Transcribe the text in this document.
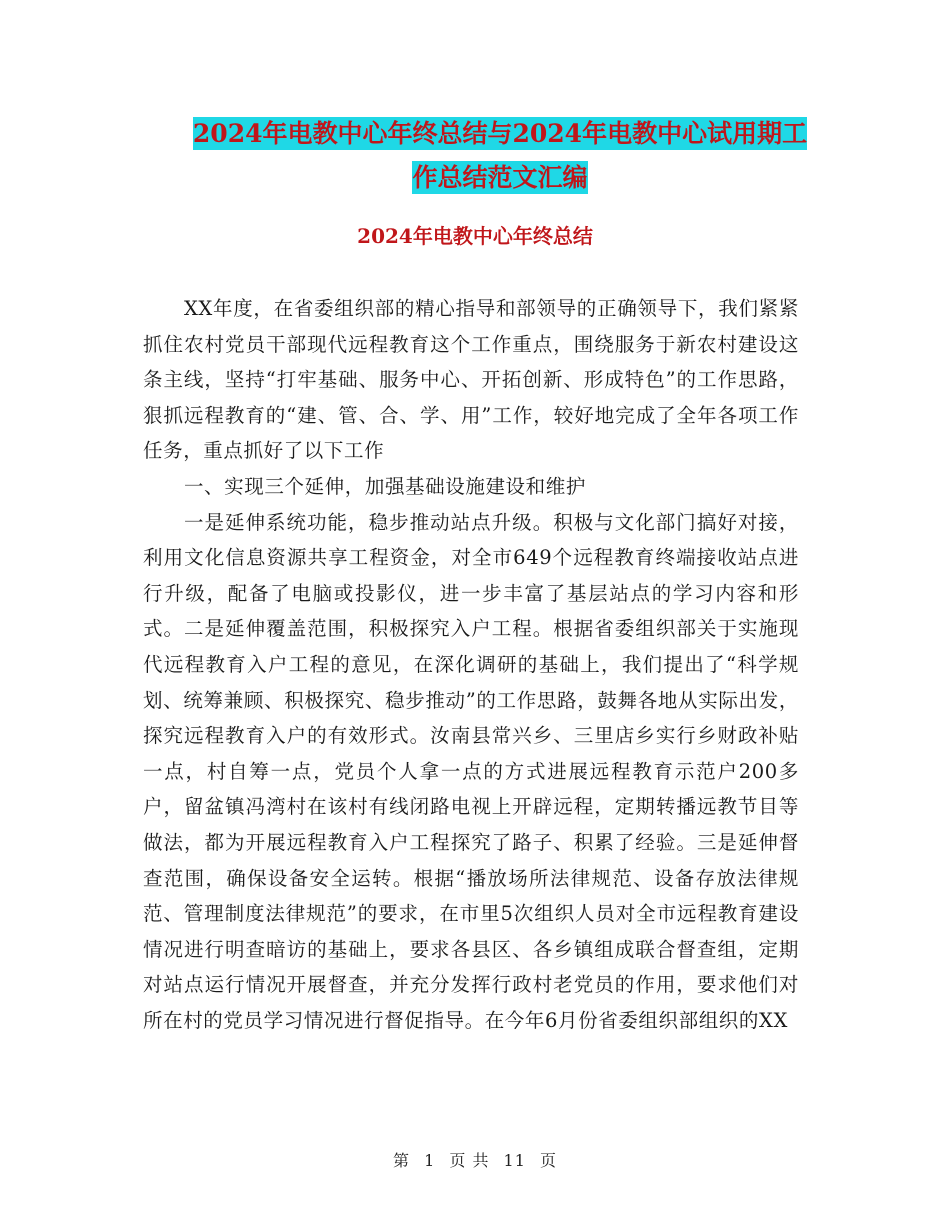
2024年电教中心年终总结与2024年电教中心试用期工
作总结范文汇编
2024年电教中心年终总结

XX年度，在省委组织部的精心指导和部领导的正确领导下，我们紧紧抓住农村党员干部现代远程教育这个工作重点，围绕服务于新农村建设这条主线，坚持“打牢基础、服务中心、开拓创新、形成特色”的工作思路，狠抓远程教育的“建、管、合、学、用”工作，较好地完成了全年各项工作任务，重点抓好了以下工作

一、实现三个延伸，加强基础设施建设和维护

一是延伸系统功能，稳步推动站点升级。积极与文化部门搞好对接，利用文化信息资源共享工程资金，对全市649个远程教育终端接收站点进行升级，配备了电脑或投影仪，进一步丰富了基层站点的学习内容和形式。二是延伸覆盖范围，积极探究入户工程。根据省委组织部关于实施现代远程教育入户工程的意见，在深化调研的基础上，我们提出了“科学规划、统筹兼顾、积极探究、稳步推动”的工作思路，鼓舞各地从实际出发，探究远程教育入户的有效形式。汝南县常兴乡、三里店乡实行乡财政补贴一点，村自筹一点，党员个人拿一点的方式进展远程教育示范户200多户，留盆镇冯湾村在该村有线闭路电视上开辟远程，定期转播远教节目等做法，都为开展远程教育入户工程探究了路子、积累了经验。三是延伸督查范围，确保设备安全运转。根据“播放场所法律规范、设备存放法律规范、管理制度法律规范”的要求，在市里5次组织人员对全市远程教育建设情况进行明查暗访的基础上，要求各县区、各乡镇组成联合督查组，定期对站点运行情况开展督查，并充分发挥行政村老党员的作用，要求他们对所在村的党员学习情况进行督促指导。在今年6月份省委组织部组织的XX

第 1 页 共 11 页
